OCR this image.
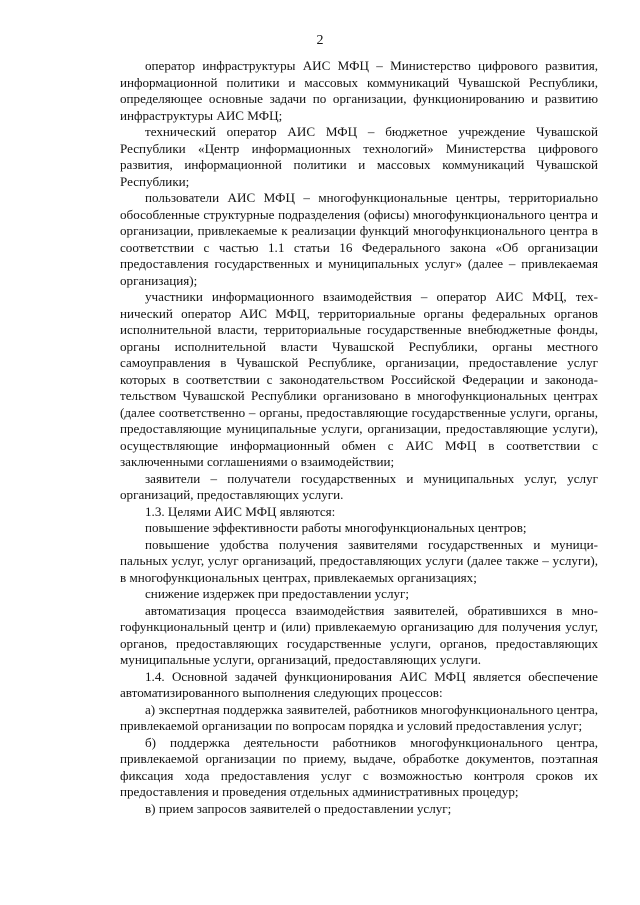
2

оператор инфраструктуры АИС МФЦ – Министерство цифрового развития, информационной политики и массовых коммуникаций Чувашской Республики, определяющее основные задачи по организации, функционированию и развитию инфраструктуры АИС МФЦ;

технический оператор АИС МФЦ – бюджетное учреждение Чувашской Республики «Центр информационных технологий» Министерства цифрового развития, информационной политики и массовых коммуникаций Чувашской Республики;

пользователи АИС МФЦ – многофункциональные центры, территориально обособленные структурные подразделения (офисы) многофункционального центра и организации, привлекаемые к реализации функций многофункционального центра в соответствии с частью 1.1 статьи 16 Федерального закона «Об организации предоставления государственных и муниципальных услуг» (далее – привлекаемая организация);

участники информационного взаимодействия – оператор АИС МФЦ, технический оператор АИС МФЦ, территориальные органы федеральных органов исполнительной власти, территориальные государственные внебюджетные фонды, органы исполнительной власти Чувашской Республики, органы местного самоуправления в Чувашской Республике, организации, предоставление услуг которых в соответствии с законодательством Российской Федерации и законодательством Чувашской Республики организовано в многофункциональных центрах (далее соответственно – органы, предоставляющие государственные услуги, органы, предоставляющие муниципальные услуги, организации, предоставляющие услуги), осуществляющие информационный обмен с АИС МФЦ в соответствии с заключенными соглашениями о взаимодействии;

заявители – получатели государственных и муниципальных услуг, услуг организаций, предоставляющих услуги.

1.3. Целями АИС МФЦ являются:

повышение эффективности работы многофункциональных центров;

повышение удобства получения заявителями государственных и муниципальных услуг, услуг организаций, предоставляющих услуги (далее также – услуги), в многофункциональных центрах, привлекаемых организациях;

снижение издержек при предоставлении услуг;

автоматизация процесса взаимодействия заявителей, обратившихся в многофункциональный центр и (или) привлекаемую организацию для получения услуг, органов, предоставляющих государственные услуги, органов, предоставляющих муниципальные услуги, организаций, предоставляющих услуги.

1.4. Основной задачей функционирования АИС МФЦ является обеспечение автоматизированного выполнения следующих процессов:

а) экспертная поддержка заявителей, работников многофункционального центра, привлекаемой организации по вопросам порядка и условий предоставления услуг;

б) поддержка деятельности работников многофункционального центра, привлекаемой организации по приему, выдаче, обработке документов, поэтапная фиксация хода предоставления услуг с возможностью контроля сроков их предоставления и проведения отдельных административных процедур;

в) прием запросов заявителей о предоставлении услуг;
